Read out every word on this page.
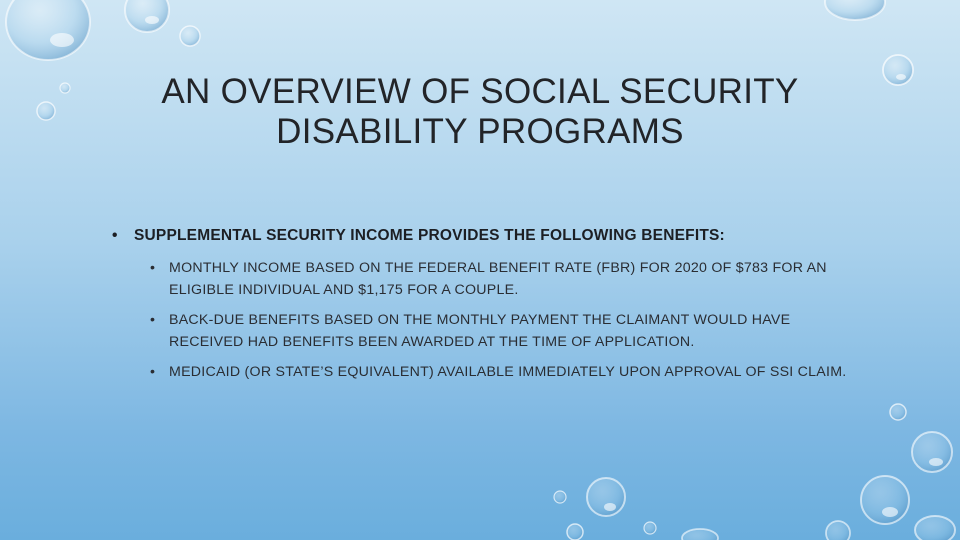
AN OVERVIEW OF SOCIAL SECURITY
DISABILITY PROGRAMS
• SUPPLEMENTAL SECURITY INCOME PROVIDES THE FOLLOWING BENEFITS:
• MONTHLY INCOME BASED ON THE FEDERAL BENEFIT RATE (FBR) FOR 2020 OF $783 FOR AN ELIGIBLE INDIVIDUAL AND $1,175 FOR A COUPLE.
• BACK-DUE BENEFITS BASED ON THE MONTHLY PAYMENT THE CLAIMANT WOULD HAVE RECEIVED HAD BENEFITS BEEN AWARDED AT THE TIME OF APPLICATION.
• MEDICAID (OR STATE’S EQUIVALENT) AVAILABLE IMMEDIATELY UPON APPROVAL OF SSI CLAIM.
